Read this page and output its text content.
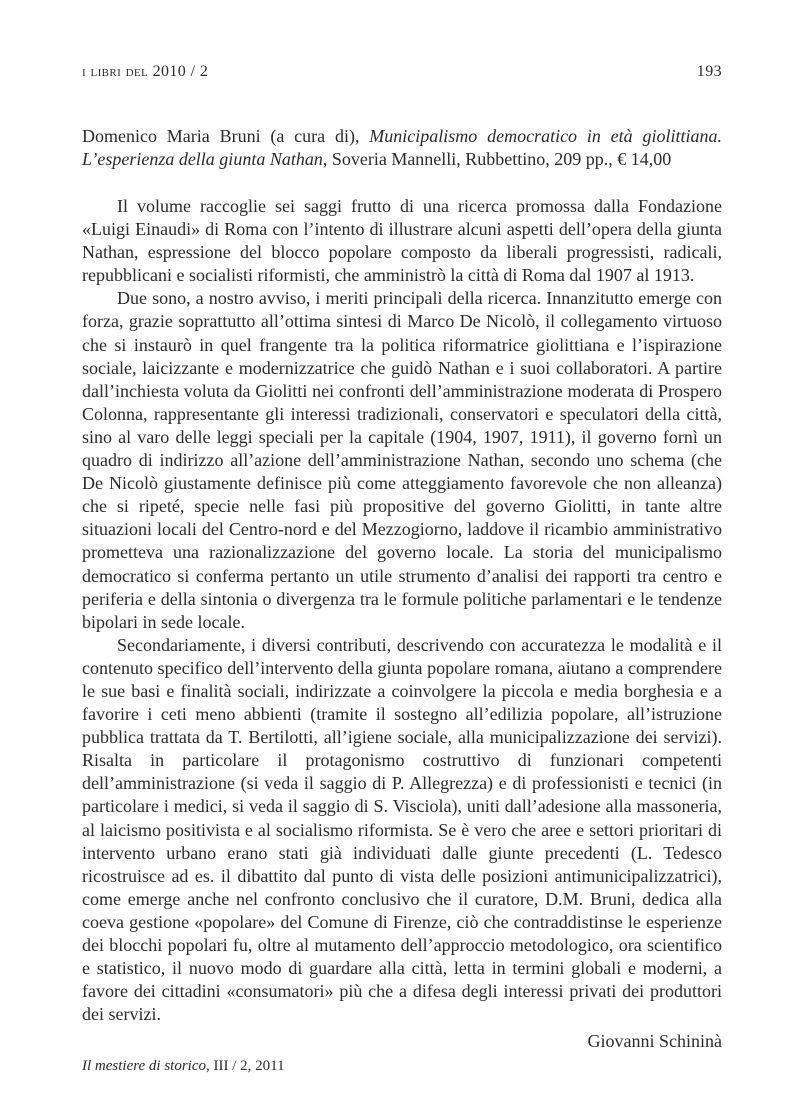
i libri del 2010 / 2	193
Domenico Maria Bruni (a cura di), Municipalismo democratico in età giolittiana. L’esperienza della giunta Nathan, Soveria Mannelli, Rubbettino, 209 pp., € 14,00

Il volume raccoglie sei saggi frutto di una ricerca promossa dalla Fondazione «Luigi Einaudi» di Roma con l’intento di illustrare alcuni aspetti dell’opera della giunta Nathan, espressione del blocco popolare composto da liberali progressisti, radicali, repubblicani e socialisti riformisti, che amministrò la città di Roma dal 1907 al 1913.

Due sono, a nostro avviso, i meriti principali della ricerca. Innanzitutto emerge con forza, grazie soprattutto all’ottima sintesi di Marco De Nicolò, il collegamento virtuoso che si instaurò in quel frangente tra la politica riformatrice giolittiana e l’ispirazione sociale, laicizzante e modernizzatrice che guidò Nathan e i suoi collaboratori. A partire dall’inchiesta voluta da Giolitti nei confronti dell’amministrazione moderata di Prospero Colonna, rappresentante gli interessi tradizionali, conservatori e speculatori della città, sino al varo delle leggi speciali per la capitale (1904, 1907, 1911), il governo fornì un quadro di indirizzo all’azione dell’amministrazione Nathan, secondo uno schema (che De Nicolò giustamente definisce più come atteggiamento favorevole che non alleanza) che si ripeté, specie nelle fasi più propositive del governo Giolitti, in tante altre situazioni locali del Centro-nord e del Mezzogiorno, laddove il ricambio amministrativo prometteva una razionalizzazione del governo locale. La storia del municipalismo democratico si conferma pertanto un utile strumento d’analisi dei rapporti tra centro e periferia e della sintonia o divergenza tra le formule politiche parlamentari e le tendenze bipolari in sede locale.

Secondariamente, i diversi contributi, descrivendo con accuratezza le modalità e il contenuto specifico dell’intervento della giunta popolare romana, aiutano a comprendere le sue basi e finalità sociali, indirizzate a coinvolgere la piccola e media borghesia e a favorire i ceti meno abbienti (tramite il sostegno all’edilizia popolare, all’istruzione pubblica trattata da T. Bertilotti, all’igiene sociale, alla municipalizzazione dei servizi). Risalta in particolare il protagonismo costruttivo di funzionari competenti dell’amministrazione (si veda il saggio di P. Allegrezza) e di professionisti e tecnici (in particolare i medici, si veda il saggio di S. Visciola), uniti dall’adesione alla massoneria, al laicismo positivista e al socialismo riformista. Se è vero che aree e settori prioritari di intervento urbano erano stati già individuati dalle giunte precedenti (L. Tedesco ricostruisce ad es. il dibattito dal punto di vista delle posizioni antimunicipalizzatrici), come emerge anche nel confronto conclusivo che il curatore, D.M. Bruni, dedica alla coeva gestione «popolare» del Comune di Firenze, ciò che contraddistinse le esperienze dei blocchi popolari fu, oltre al mutamento dell’approccio metodologico, ora scientifico e statistico, il nuovo modo di guardare alla città, letta in termini globali e moderni, a favore dei cittadini «consumatori» più che a difesa degli interessi privati dei produttori dei servizi.

Giovanni Schininà
Il mestiere di storico, III / 2, 2011
